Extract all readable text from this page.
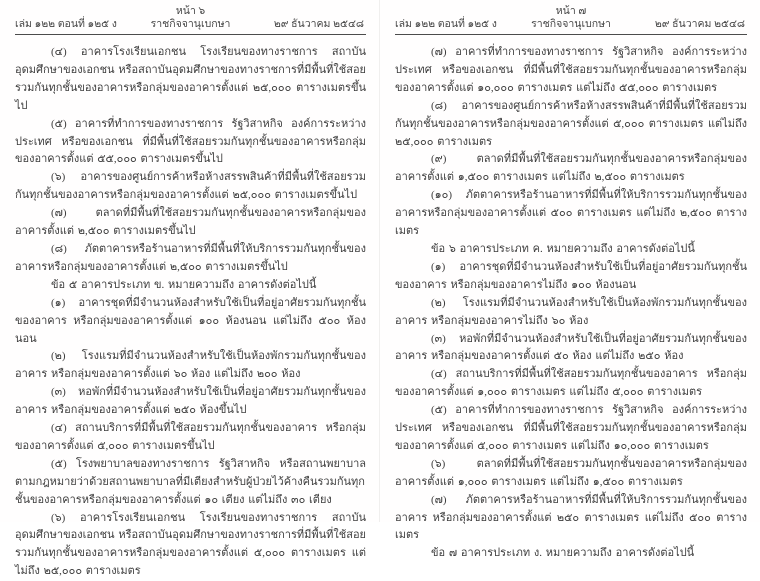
หน้า ๖
ราชกิจจานุเบกษา
เล่ม ๑๒๒ ตอนที่ ๑๒๕ ง	๒๙ ธันวาคม ๒๕๔๘

(๔) อาคารโรงเรียนเอกชน โรงเรียนของทางราชการ สถาบันอุดมศึกษาของเอกชน หรือสถาบันอุดมศึกษาของทางราชการที่มีพื้นที่ใช้สอยรวมกันทุกชั้นของอาคารหรือกลุ่มของอาคารตั้งแต่ ๒๕,๐๐๐ ตารางเมตรขึ้นไป

(๕) อาคารที่ทำการของทางราชการ รัฐวิสาหกิจ องค์การระหว่างประเทศ หรือของเอกชน ที่มีพื้นที่ใช้สอยรวมกันทุกชั้นของอาคารหรือกลุ่มของอาคารตั้งแต่ ๕๕,๐๐๐ ตารางเมตรขึ้นไป

(๖) อาคารของศูนย์การค้าหรือห้างสรรพสินค้าที่มีพื้นที่ใช้สอยรวมกันทุกชั้นของอาคารหรือกลุ่มของอาคารตั้งแต่ ๒๕,๐๐๐ ตารางเมตรขึ้นไป

(๗) ตลาดที่มีพื้นที่ใช้สอยรวมกันทุกชั้นของอาคารหรือกลุ่มของอาคารตั้งแต่ ๒,๕๐๐ ตารางเมตรขึ้นไป

(๘) ภัตตาคารหรือร้านอาหารที่มีพื้นที่ให้บริการรวมกันทุกชั้นของอาคารหรือกลุ่มของอาคารตั้งแต่ ๒,๕๐๐ ตารางเมตรขึ้นไป

ข้อ ๕ อาคารประเภท ข. หมายความถึง อาคารดังต่อไปนี้

(๑) อาคารชุดที่มีจำนวนห้องสำหรับใช้เป็นที่อยู่อาศัยรวมกันทุกชั้นของอาคาร หรือกลุ่มของอาคารตั้งแต่ ๑๐๐ ห้องนอน แต่ไม่ถึง ๕๐๐ ห้องนอน

(๒) โรงแรมที่มีจำนวนห้องสำหรับใช้เป็นห้องพักรวมกันทุกชั้นของอาคาร หรือกลุ่มของอาคารตั้งแต่ ๖๐ ห้อง แต่ไม่ถึง ๒๐๐ ห้อง

(๓) หอพักที่มีจำนวนห้องสำหรับใช้เป็นที่อยู่อาศัยรวมกันทุกชั้นของอาคาร หรือกลุ่มของอาคารตั้งแต่ ๒๕๐ ห้องขึ้นไป

(๔) สถานบริการที่มีพื้นที่ใช้สอยรวมกันทุกชั้นของอาคาร หรือกลุ่มของอาคารตั้งแต่ ๕,๐๐๐ ตารางเมตรขึ้นไป

(๕) โรงพยาบาลของทางราชการ รัฐวิสาหกิจ หรือสถานพยาบาล ตามกฎหมายว่าด้วยสถานพยาบาลที่มีเตียงสำหรับผู้ป่วยไว้ค้างคืนรวมกันทุกชั้นของอาคารหรือกลุ่มของอาคารตั้งแต่ ๑๐ เตียง แต่ไม่ถึง ๓๐ เตียง

(๖) อาคารโรงเรียนเอกชน โรงเรียนของทางราชการ สถาบันอุดมศึกษาของเอกชน หรือสถาบันอุดมศึกษาของทางราชการที่มีพื้นที่ใช้สอยรวมกันทุกชั้นของอาคารหรือกลุ่มของอาคารตั้งแต่ ๕,๐๐๐ ตารางเมตร แต่ไม่ถึง ๒๕,๐๐๐ ตารางเมตร

หน้า ๗
ราชกิจจานุเบกษา
เล่ม ๑๒๒ ตอนที่ ๑๒๕ ง	๒๙ ธันวาคม ๒๕๔๘

(๗) อาคารที่ทำการของทางราชการ รัฐวิสาหกิจ องค์การระหว่างประเทศ หรือของเอกชน ที่มีพื้นที่ใช้สอยรวมกันทุกชั้นของอาคารหรือกลุ่มของอาคารตั้งแต่ ๑๐,๐๐๐ ตารางเมตร แต่ไม่ถึง ๕๕,๐๐๐ ตารางเมตร

(๘) อาคารของศูนย์การค้าหรือห้างสรรพสินค้าที่มีพื้นที่ใช้สอยรวมกันทุกชั้นของอาคารหรือกลุ่มของอาคารตั้งแต่ ๕,๐๐๐ ตารางเมตร แต่ไม่ถึง ๒๕,๐๐๐ ตารางเมตร

(๙) ตลาดที่มีพื้นที่ใช้สอยรวมกันทุกชั้นของอาคารหรือกลุ่มของอาคารตั้งแต่ ๑,๕๐๐ ตารางเมตร แต่ไม่ถึง ๒,๕๐๐ ตารางเมตร

(๑๐) ภัตตาคารหรือร้านอาหารที่มีพื้นที่ให้บริการรวมกันทุกชั้นของอาคารหรือกลุ่มของอาคารตั้งแต่ ๕๐๐ ตารางเมตร แต่ไม่ถึง ๒,๕๐๐ ตารางเมตร

ข้อ ๖ อาคารประเภท ค. หมายความถึง อาคารดังต่อไปนี้

(๑) อาคารชุดที่มีจำนวนห้องสำหรับใช้เป็นที่อยู่อาศัยรวมกันทุกชั้นของอาคาร หรือกลุ่มของอาคารไม่ถึง ๑๐๐ ห้องนอน

(๒) โรงแรมที่มีจำนวนห้องสำหรับใช้เป็นห้องพักรวมกันทุกชั้นของอาคาร หรือกลุ่มของอาคารไม่ถึง ๖๐ ห้อง

(๓) หอพักที่มีจำนวนห้องสำหรับใช้เป็นที่อยู่อาศัยรวมกันทุกชั้นของอาคาร หรือกลุ่มของอาคารตั้งแต่ ๕๐ ห้อง แต่ไม่ถึง ๒๕๐ ห้อง

(๔) สถานบริการที่มีพื้นที่ใช้สอยรวมกันทุกชั้นของอาคาร หรือกลุ่มของอาคารตั้งแต่ ๑,๐๐๐ ตารางเมตร แต่ไม่ถึง ๕,๐๐๐ ตารางเมตร

(๕) อาคารที่ทำการของทางราชการ รัฐวิสาหกิจ องค์การระหว่างประเทศ หรือของเอกชน ที่มีพื้นที่ใช้สอยรวมกันทุกชั้นของอาคารหรือกลุ่มของอาคารตั้งแต่ ๕,๐๐๐ ตารางเมตร แต่ไม่ถึง ๑๐,๐๐๐ ตารางเมตร

(๖) ตลาดที่มีพื้นที่ใช้สอยรวมกันทุกชั้นของอาคารหรือกลุ่มของอาคารตั้งแต่ ๑,๐๐๐ ตารางเมตร แต่ไม่ถึง ๑,๕๐๐ ตารางเมตร

(๗) ภัตตาคารหรือร้านอาหารที่มีพื้นที่ให้บริการรวมกันทุกชั้นของอาคาร หรือกลุ่มของอาคารตั้งแต่ ๒๕๐ ตารางเมตร แต่ไม่ถึง ๕๐๐ ตารางเมตร

ข้อ ๗ อาคารประเภท ง. หมายความถึง อาคารดังต่อไปนี้
